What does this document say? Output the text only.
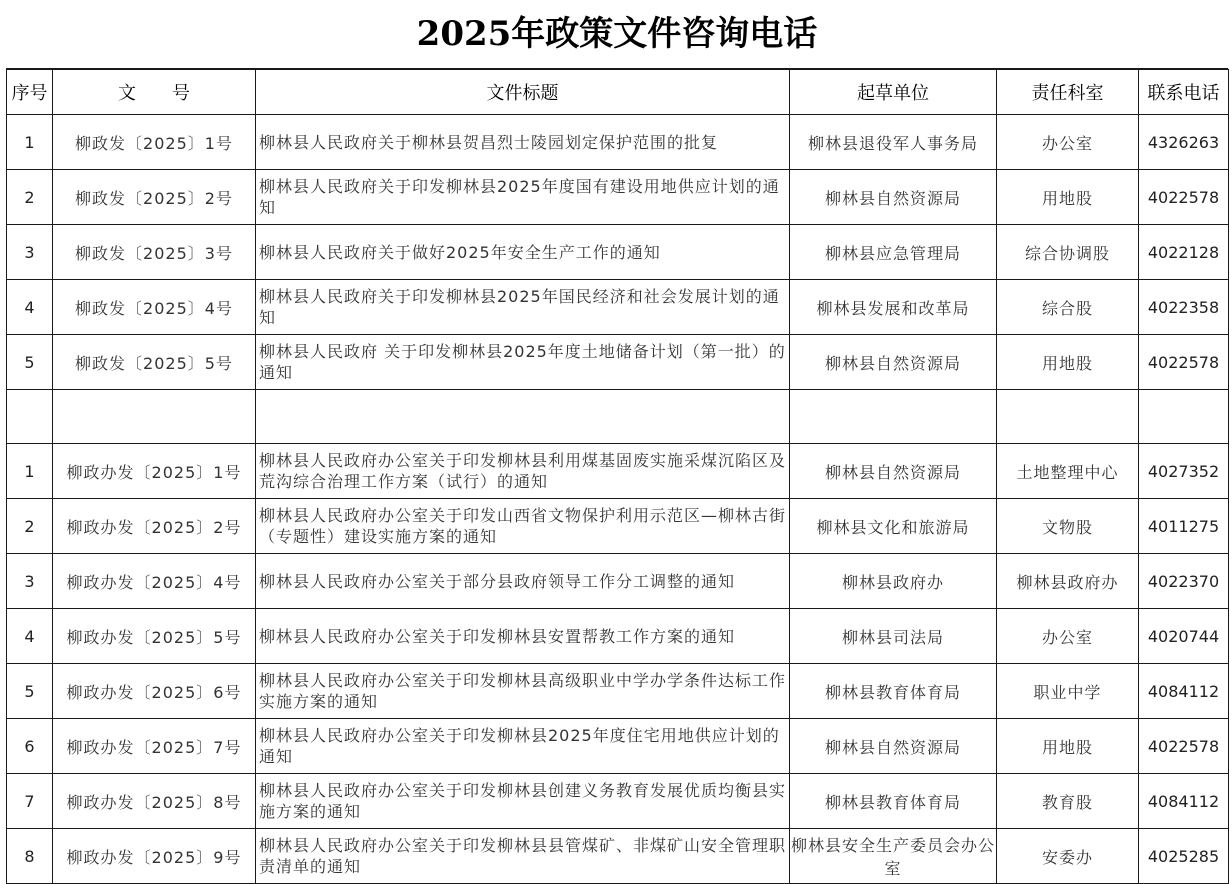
2025年政策文件咨询电话
序号	文　　号	文件标题	起草单位	责任科室	联系电话
1	柳政发〔2025〕1号	柳林县人民政府关于柳林县贺昌烈士陵园划定保护范围的批复	柳林县退役军人事务局	办公室	4326263
2	柳政发〔2025〕2号	柳林县人民政府关于印发柳林县2025年度国有建设用地供应计划的通知	柳林县自然资源局	用地股	4022578
3	柳政发〔2025〕3号	柳林县人民政府关于做好2025年安全生产工作的通知	柳林县应急管理局	综合协调股	4022128
4	柳政发〔2025〕4号	柳林县人民政府关于印发柳林县2025年国民经济和社会发展计划的通知	柳林县发展和改革局	综合股	4022358
5	柳政发〔2025〕5号	柳林县人民政府 关于印发柳林县2025年度土地储备计划（第一批）的通知	柳林县自然资源局	用地股	4022578

1	柳政办发〔2025〕1号	柳林县人民政府办公室关于印发柳林县利用煤基固废实施采煤沉陷区及荒沟综合治理工作方案（试行）的通知	柳林县自然资源局	土地整理中心	4027352
2	柳政办发〔2025〕2号	柳林县人民政府办公室关于印发山西省文物保护利用示范区—柳林古街（专题性）建设实施方案的通知	柳林县文化和旅游局	文物股	4011275
3	柳政办发〔2025〕4号	柳林县人民政府办公室关于部分县政府领导工作分工调整的通知	柳林县政府办	柳林县政府办	4022370
4	柳政办发〔2025〕5号	柳林县人民政府办公室关于印发柳林县安置帮教工作方案的通知	柳林县司法局	办公室	4020744
5	柳政办发〔2025〕6号	柳林县人民政府办公室关于印发柳林县高级职业中学办学条件达标工作实施方案的通知	柳林县教育体育局	职业中学	4084112
6	柳政办发〔2025〕7号	柳林县人民政府办公室关于印发柳林县2025年度住宅用地供应计划的通知	柳林县自然资源局	用地股	4022578
7	柳政办发〔2025〕8号	柳林县人民政府办公室关于印发柳林县创建义务教育发展优质均衡县实施方案的通知	柳林县教育体育局	教育股	4084112
8	柳政办发〔2025〕9号	柳林县人民政府办公室关于印发柳林县县管煤矿、非煤矿山安全管理职责清单的通知	柳林县安全生产委员会办公室	安委办	4025285
